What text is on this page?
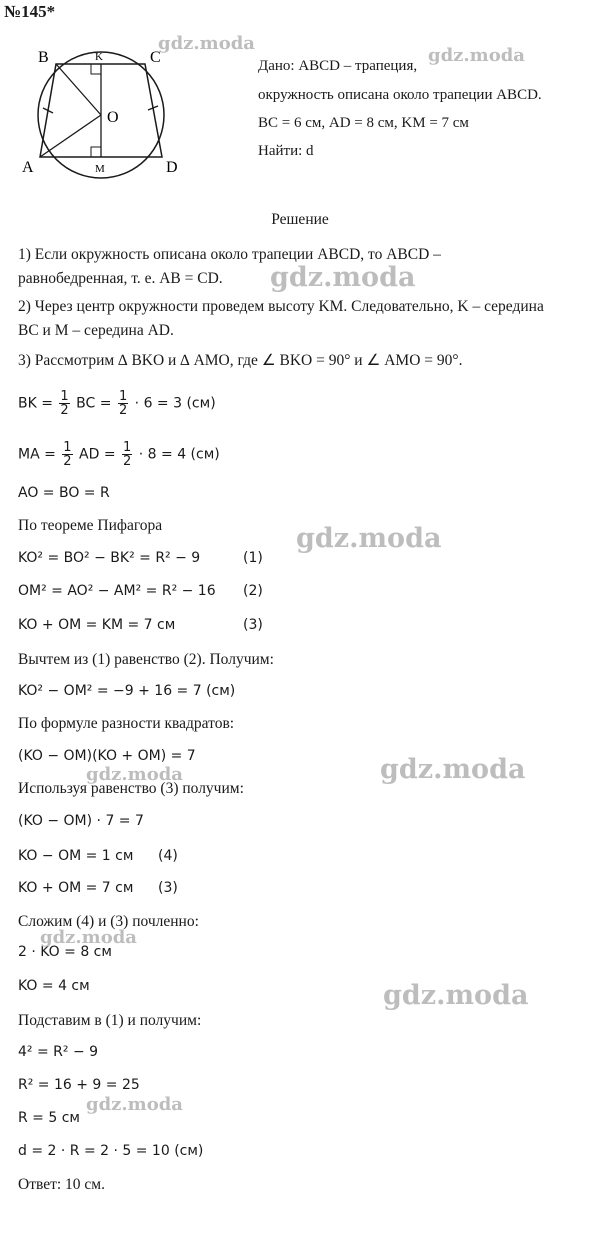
№145*
B	C
A	D
K
M
O
Дано: ABCD – трапеция,
окружность описана около трапеции ABCD.
BC = 6 см, AD = 8 см, KM = 7 см
Найти: d
Решение
1) Если окружность описана около трапеции ABCD, то ABCD –
равнобедренная, т. е. AB = CD.
2) Через центр окружности проведем высоту KM. Следовательно, K – середина
BC и M – середина AD.
3) Рассмотрим ∆ BKO и ∆ AMO, где ∠ BKO = 90° и ∠ AMO = 90°.
BK = $\frac{1}{2}$ BC = $\frac{1}{2} \cdot 6 = 3$ (см)
MA = $\frac{1}{2}$ AD = $\frac{1}{2} \cdot 8 = 4$ (см)
AO = BO = R
По теореме Пифагора
KO² = BO² − BK² = R² − 9	(1)
OM² = AO² − AM² = R² − 16 (2)
KO + OM = KM = 7 см	(3)
Вычтем из (1) равенство (2). Получим:
KO² − OM² = −9 + 16 = 7 (см)
По формуле разности квадратов:
(KO − OM)(KO + OM) = 7
Используя равенство (3) получим:
(KO − OM) · 7 = 7
KO − OM = 1 см (4)
KO + OM = 7 см (3)
Сложим (4) и (3) почленно:
2 · KO = 8 см
KO = 4 см
Подставим в (1) и получим:
4² = R² − 9
R² = 16 + 9 = 25
R = 5 см
d = 2 · R = 2 · 5 = 10 (см)
Ответ: 10 см.
gdz.moda
gdz.moda
gdz.moda
gdz.moda
gdz.moda
gdz.moda
gdz.moda
gdz.moda
gdz.moda
